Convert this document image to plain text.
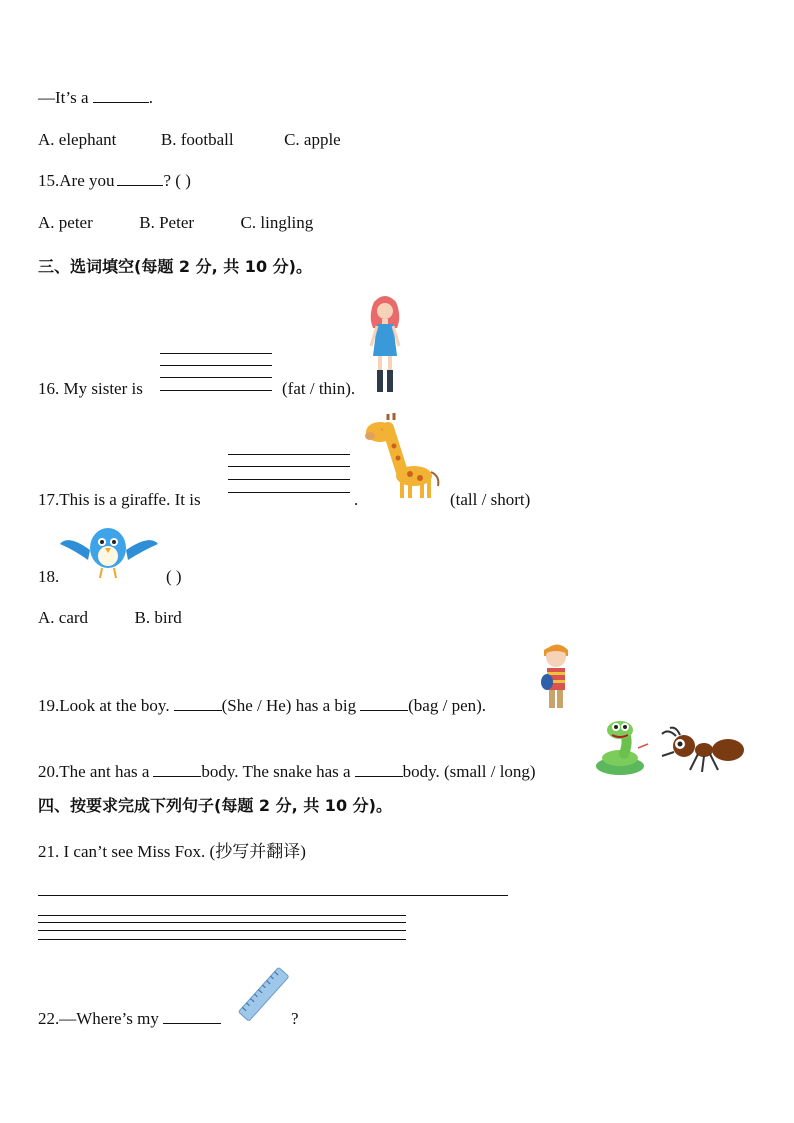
—It’s a	.
A. elephant	B. football	C. apple
15.Are you	? ( )
A. peter	B. Peter	C. lingling
三、选词填空(每题 2 分, 共 10 分)。
16. My sister is	(fat / thin).
17.This is a giraffe. It is	.	(tall / short)
18.	( )
A. card	B. bird
19.Look at the boy.	(She / He) has a big	(bag / pen).
20.The ant has a	body. The snake has a	body. (small / long)
四、按要求完成下列句子(每题 2 分, 共 10 分)。
21. I can’t see Miss Fox. (抄写并翻译)
22.—Where’s my	?
